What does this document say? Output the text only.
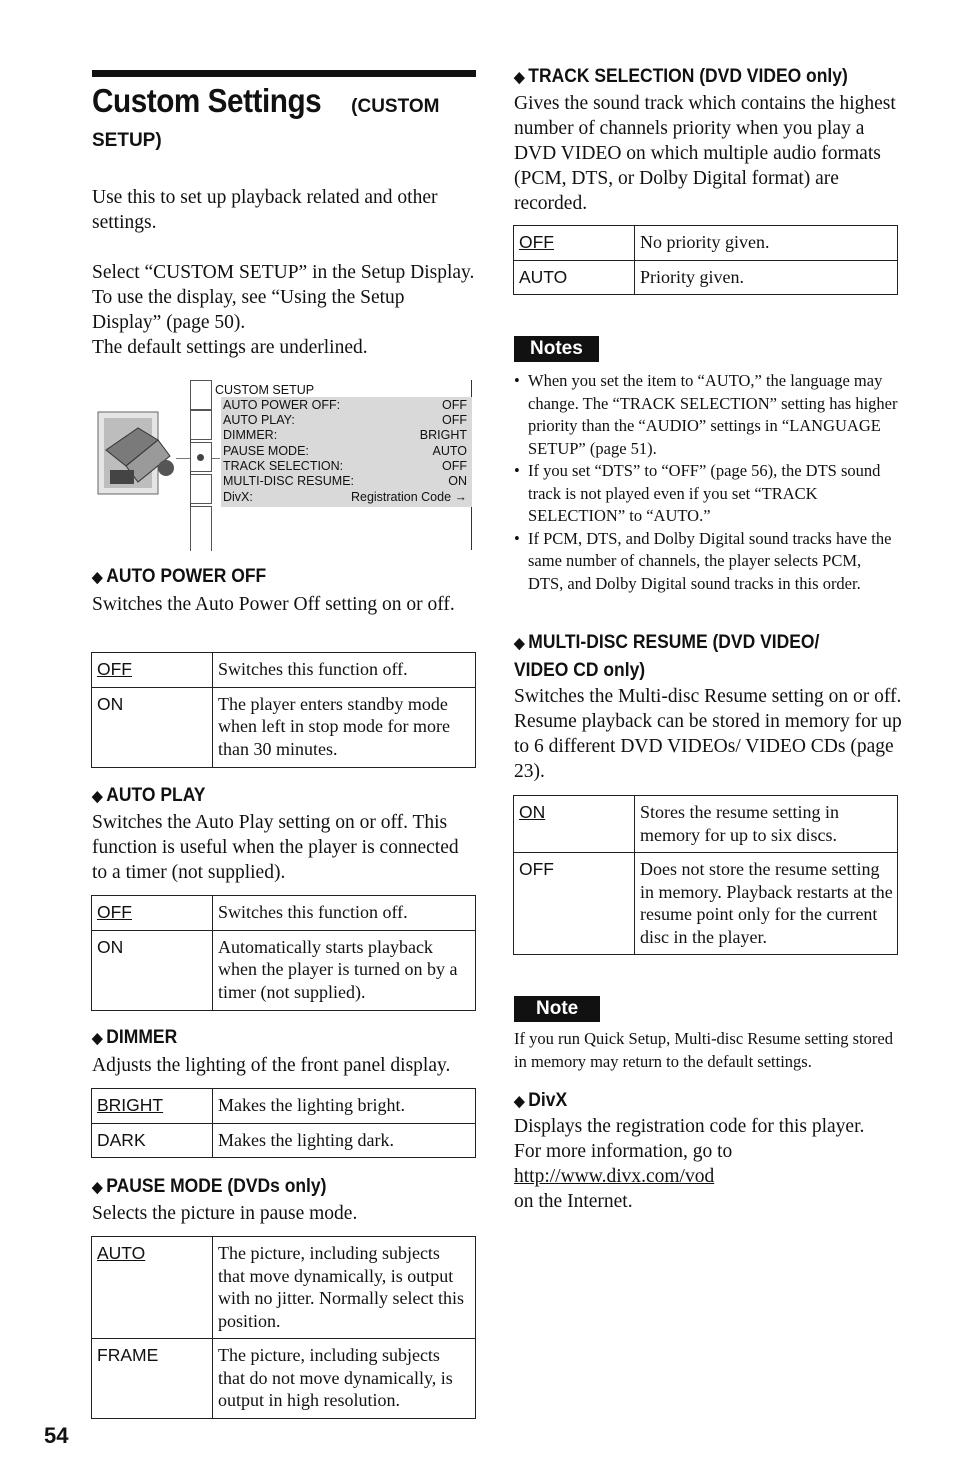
Custom Settings (CUSTOM
SETUP)

Use this to set up playback related and other settings.

Select “CUSTOM SETUP” in the Setup Display. To use the display, see “Using the Setup Display” (page 50).

The default settings are underlined.

CUSTOM SETUP
AUTO POWER OFF:	OFF
AUTO PLAY:	OFF
DIMMER:	BRIGHT
PAUSE MODE:	AUTO
TRACK SELECTION:	OFF
MULTI-DISC RESUME:	ON
DivX:	Registration Code →
◆ AUTO POWER OFF

Switches the Auto Power Off setting on or off.

OFF	Switches this function off.
ON	The player enters standby mode when left in stop mode for more than 30 minutes.
◆ AUTO PLAY

Switches the Auto Play setting on or off. This function is useful when the player is connected to a timer (not supplied).

OFF	Switches this function off.
ON	Automatically starts playback when the player is turned on by a timer (not supplied).
◆ DIMMER

Adjusts the lighting of the front panel display.

BRIGHT	Makes the lighting bright.
DARK	Makes the lighting dark.
◆ PAUSE MODE (DVDs only)

Selects the picture in pause mode.

AUTO	The picture, including subjects that move dynamically, is output with no jitter. Normally select this position.
FRAME	The picture, including subjects that do not move dynamically, is output in high resolution.
54
◆ TRACK SELECTION (DVD VIDEO only)

Gives the sound track which contains the highest number of channels priority when you play a DVD VIDEO on which multiple audio formats (PCM, DTS, or Dolby Digital format) are recorded.

OFF	No priority given.
AUTO	Priority given.
Notes
• When you set the item to “AUTO,” the language may change. The “TRACK SELECTION” setting has higher priority than the “AUDIO” settings in “LANGUAGE SETUP” (page 51).
• If you set “DTS” to “OFF” (page 56), the DTS sound track is not played even if you set “TRACK SELECTION” to “AUTO.”
• If PCM, DTS, and Dolby Digital sound tracks have the same number of channels, the player selects PCM, DTS, and Dolby Digital sound tracks in this order.
◆ MULTI-DISC RESUME (DVD VIDEO/
VIDEO CD only)

Switches the Multi-disc Resume setting on or off. Resume playback can be stored in memory for up to 6 different DVD VIDEOs/ VIDEO CDs (page 23).

ON	Stores the resume setting in memory for up to six discs.
OFF	Does not store the resume setting in memory. Playback restarts at the resume point only for the current disc in the player.
Note

If you run Quick Setup, Multi-disc Resume setting stored in memory may return to the default settings.

◆ DivX

Displays the registration code for this player.
For more information, go to
http://www.divx.com/vod
on the Internet.
